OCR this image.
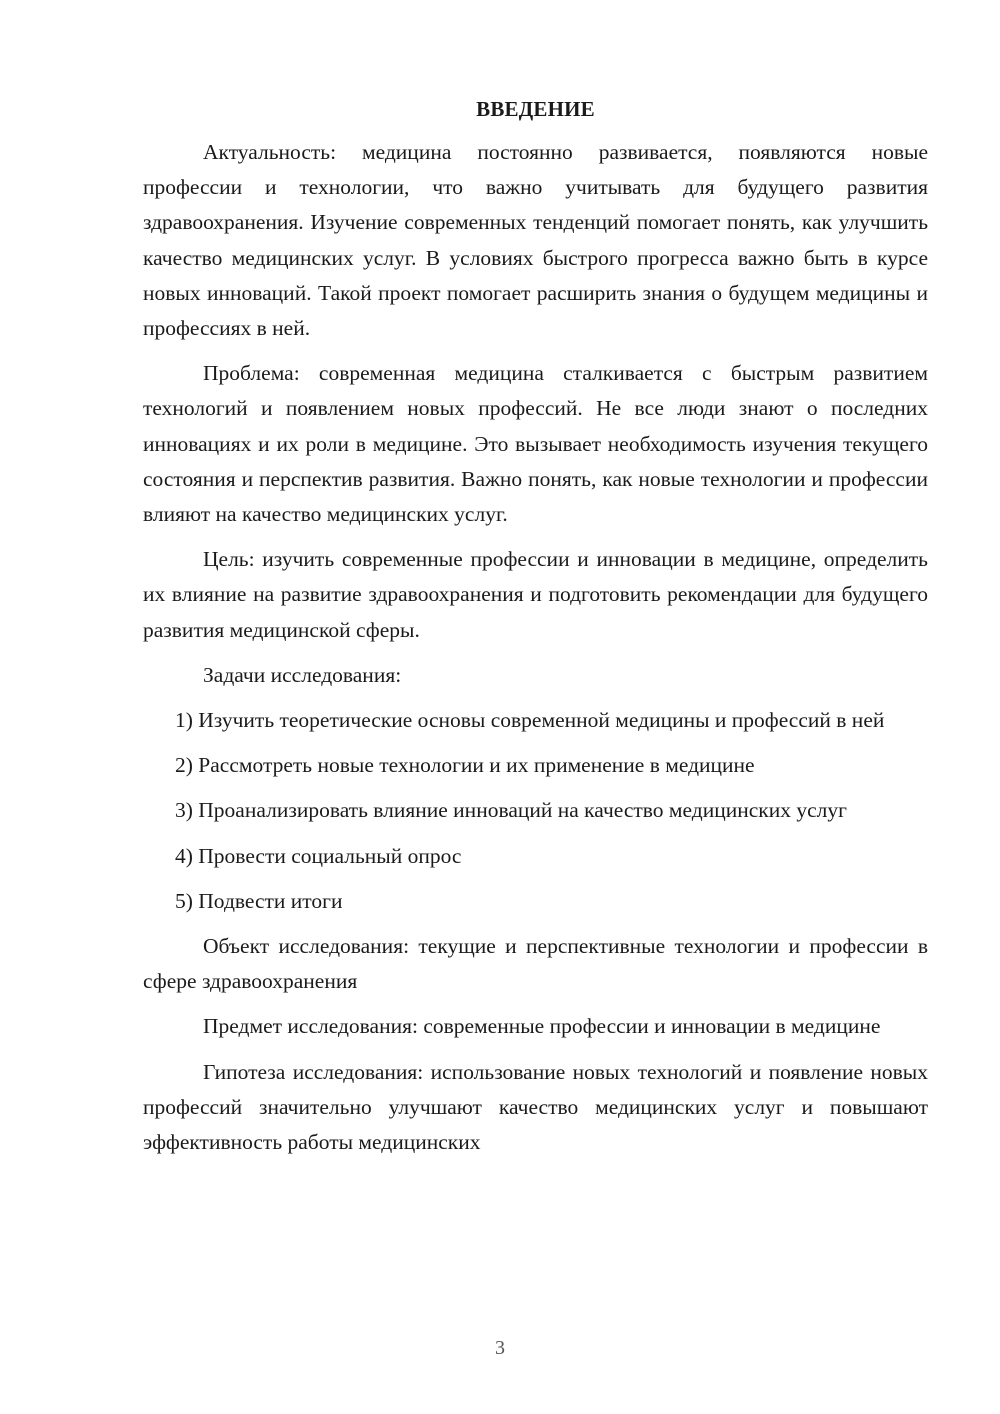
ВВЕДЕНИЕ

Актуальность: медицина постоянно развивается, появляются новые профессии и технологии, что важно учитывать для будущего развития здравоохранения. Изучение современных тенденций помогает понять, как улучшить качество медицинских услуг. В условиях быстрого прогресса важно быть в курсе новых инноваций. Такой проект помогает расширить знания о будущем медицины и профессиях в ней.

Проблема: современная медицина сталкивается с быстрым развитием технологий и появлением новых профессий. Не все люди знают о последних инновациях и их роли в медицине. Это вызывает необходимость изучения текущего состояния и перспектив развития. Важно понять, как новые технологии и профессии влияют на качество медицинских услуг.

Цель: изучить современные профессии и инновации в медицине, определить их влияние на развитие здравоохранения и подготовить рекомендации для будущего развития медицинской сферы.

Задачи исследования:

1) Изучить теоретические основы современной медицины и профессий в ней

2) Рассмотреть новые технологии и их применение в медицине

3) Проанализировать влияние инноваций на качество медицинских услуг

4) Провести социальный опрос

5) Подвести итоги

Объект исследования: текущие и перспективные технологии и профессии в сфере здравоохранения

Предмет исследования: современные профессии и инновации в медицине

Гипотеза исследования: использование новых технологий и появление новых профессий значительно улучшают качество медицинских услуг и повышают эффективность работы медицинских

3
